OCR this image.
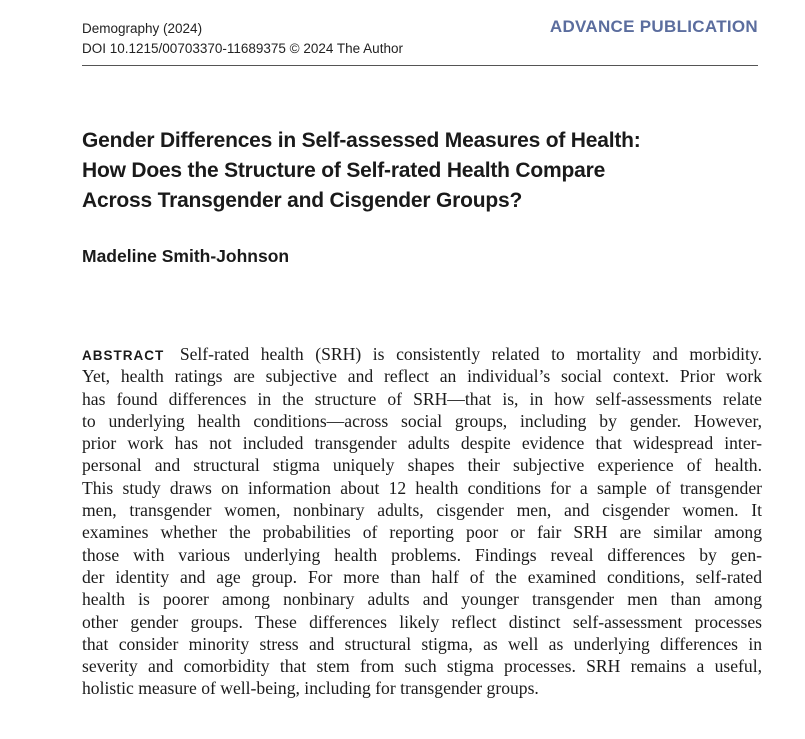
Demography (2024)
DOI 10.1215/00703370-11689375 © 2024 The Author
ADVANCE PUBLICATION
Gender Differences in Self-assessed Measures of Health:
How Does the Structure of Self-rated Health Compare
Across Transgender and Cisgender Groups?
Madeline Smith-Johnson
ABSTRACT Self-rated health (SRH) is consistently related to mortality and morbidity.
Yet, health ratings are subjective and reflect an individual’s social context. Prior work
has found differences in the structure of SRH—that is, in how self-assessments relate
to underlying health conditions—across social groups, including by gender. However,
prior work has not included transgender adults despite evidence that widespread inter-
personal and structural stigma uniquely shapes their subjective experience of health.
This study draws on information about 12 health conditions for a sample of transgender
men, transgender women, nonbinary adults, cisgender men, and cisgender women. It
examines whether the probabilities of reporting poor or fair SRH are similar among
those with various underlying health problems. Findings reveal differences by gen-
der identity and age group. For more than half of the examined conditions, self-rated
health is poorer among nonbinary adults and younger transgender men than among
other gender groups. These differences likely reflect distinct self-assessment processes
that consider minority stress and structural stigma, as well as underlying differences in
severity and comorbidity that stem from such stigma processes. SRH remains a useful,
holistic measure of well-being, including for transgender groups.
